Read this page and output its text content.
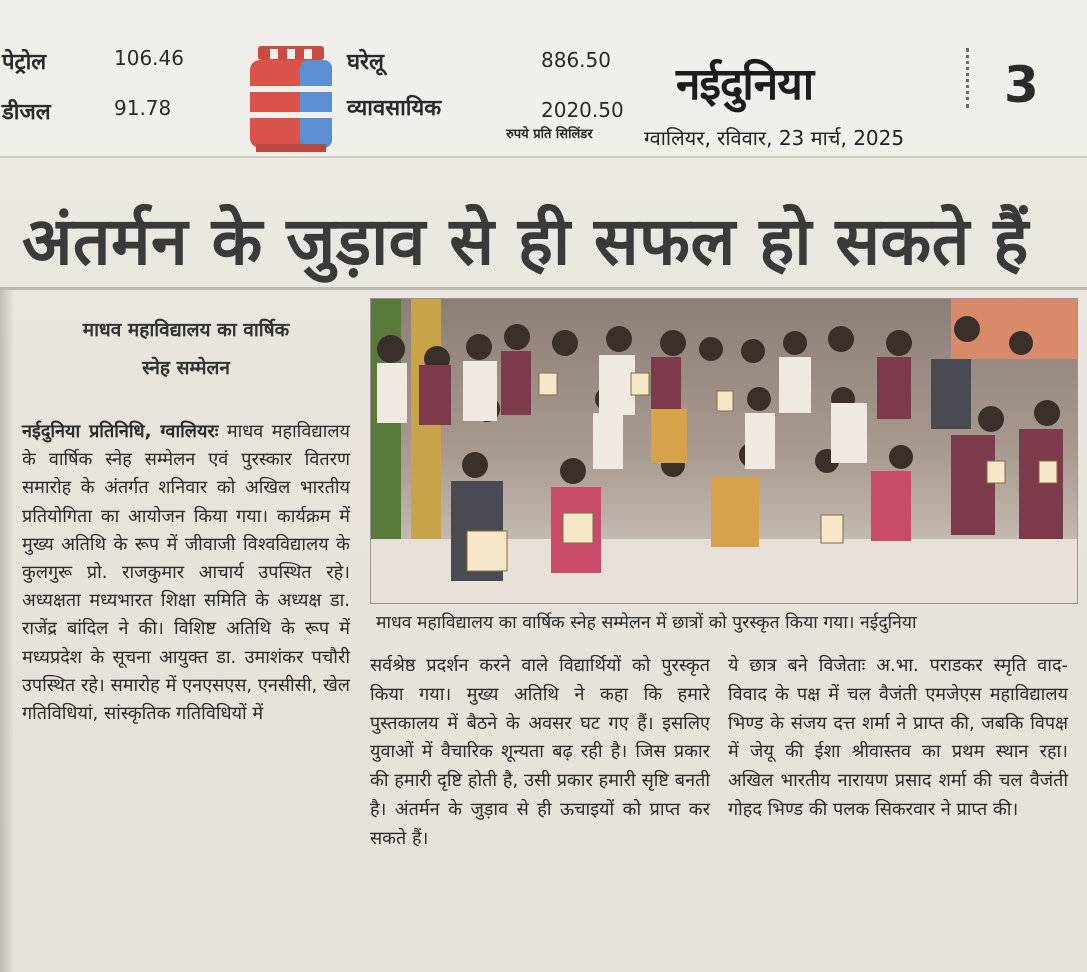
पेट्रोल	106.46
डीजल	91.78
घरेलू	886.50
व्यावसायिक	2020.50
रुपये प्रति सिलिंडर
नईदुनिया
ग्वालियर, रविवार, 23 मार्च, 2025
3
अंतर्मन के जुड़ाव से ही सफल हो सकते हैं
माधव महाविद्यालय का वार्षिक
स्नेह सम्मेलन
नईदुनिया प्रतिनिधि, ग्वालियरः माधव महाविद्यालय के वार्षिक स्नेह सम्मेलन एवं पुरस्कार वितरण समारोह के अंतर्गत शनिवार को अखिल भारतीय प्रतियोगिता का आयोजन किया गया। कार्यक्रम में मुख्य अतिथि के रूप में जीवाजी विश्वविद्यालय के कुलगुरू प्रो. राजकुमार आचार्य उपस्थित रहे। अध्यक्षता मध्यभारत शिक्षा समिति के अध्यक्ष डा. राजेंद्र बांदिल ने की। विशिष्ट अतिथि के रूप में मध्यप्रदेश के सूचना आयुक्त डा. उमाशंकर पचौरी उपस्थित रहे। समारोह में एनएसएस, एनसीसी, खेल गतिविधियां, सांस्कृतिक गतिविधियों में
माधव महाविद्यालय का वार्षिक स्नेह सम्मेलन में छात्रों को पुरस्कृत किया गया। नईदुनिया
सर्वश्रेष्ठ प्रदर्शन करने वाले विद्यार्थियों को पुरस्कृत किया गया। मुख्य अतिथि ने कहा कि हमारे पुस्तकालय में बैठने के अवसर घट गए हैं। इसलिए युवाओं में वैचारिक शून्यता बढ़ रही है। जिस प्रकार की हमारी दृष्टि होती है, उसी प्रकार हमारी सृष्टि बनती है। अंतर्मन के जुड़ाव से ही ऊचाइयों को प्राप्त कर सकते हैं।
ये छात्र बने विजेताः अ.भा. पराडकर स्मृति वाद-विवाद के पक्ष में चल वैजंती एमजेएस महाविद्यालय भिण्ड के संजय दत्त शर्मा ने प्राप्त की, जबकि विपक्ष में जेयू की ईशा श्रीवास्तव का प्रथम स्थान रहा। अखिल भारतीय नारायण प्रसाद शर्मा की चल वैजंती गोहद भिण्ड की पलक सिकरवार ने प्राप्त की।
